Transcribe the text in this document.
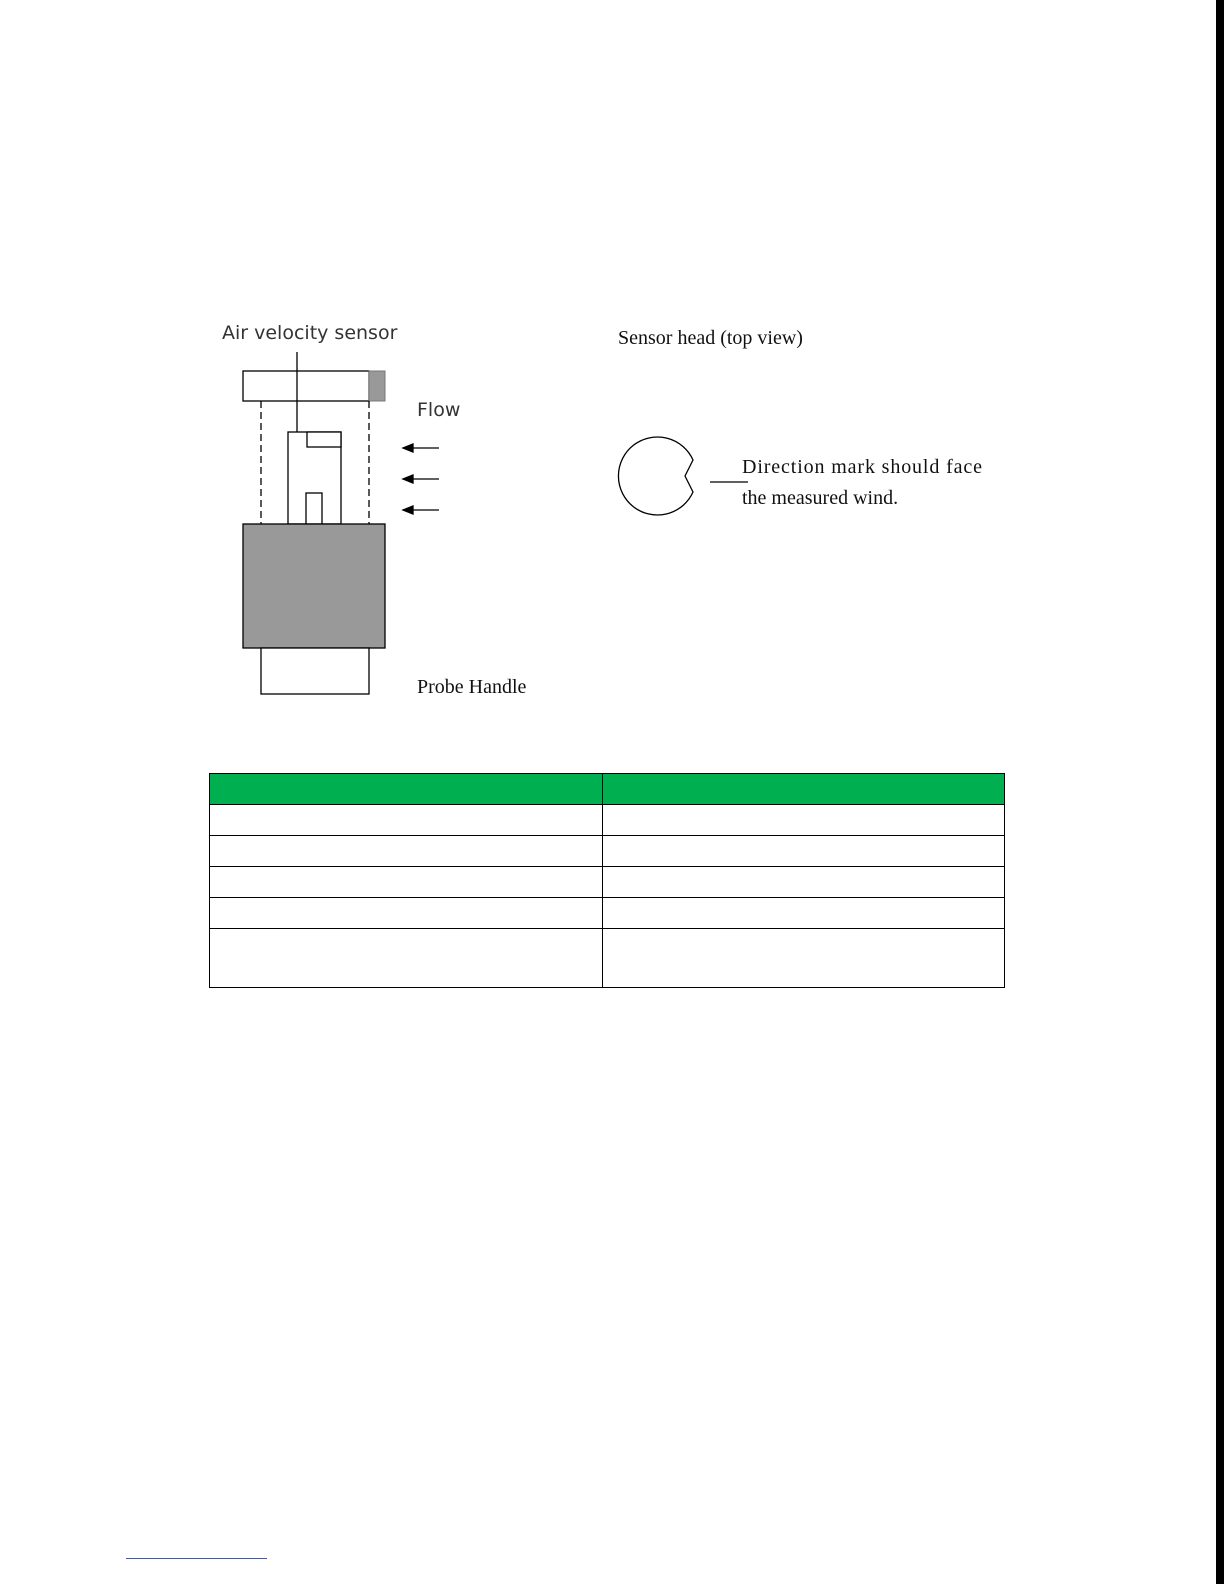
Air velocity sensor
Flow
Probe Handle
Sensor head (top view)
Direction mark should face
the measured wind.
